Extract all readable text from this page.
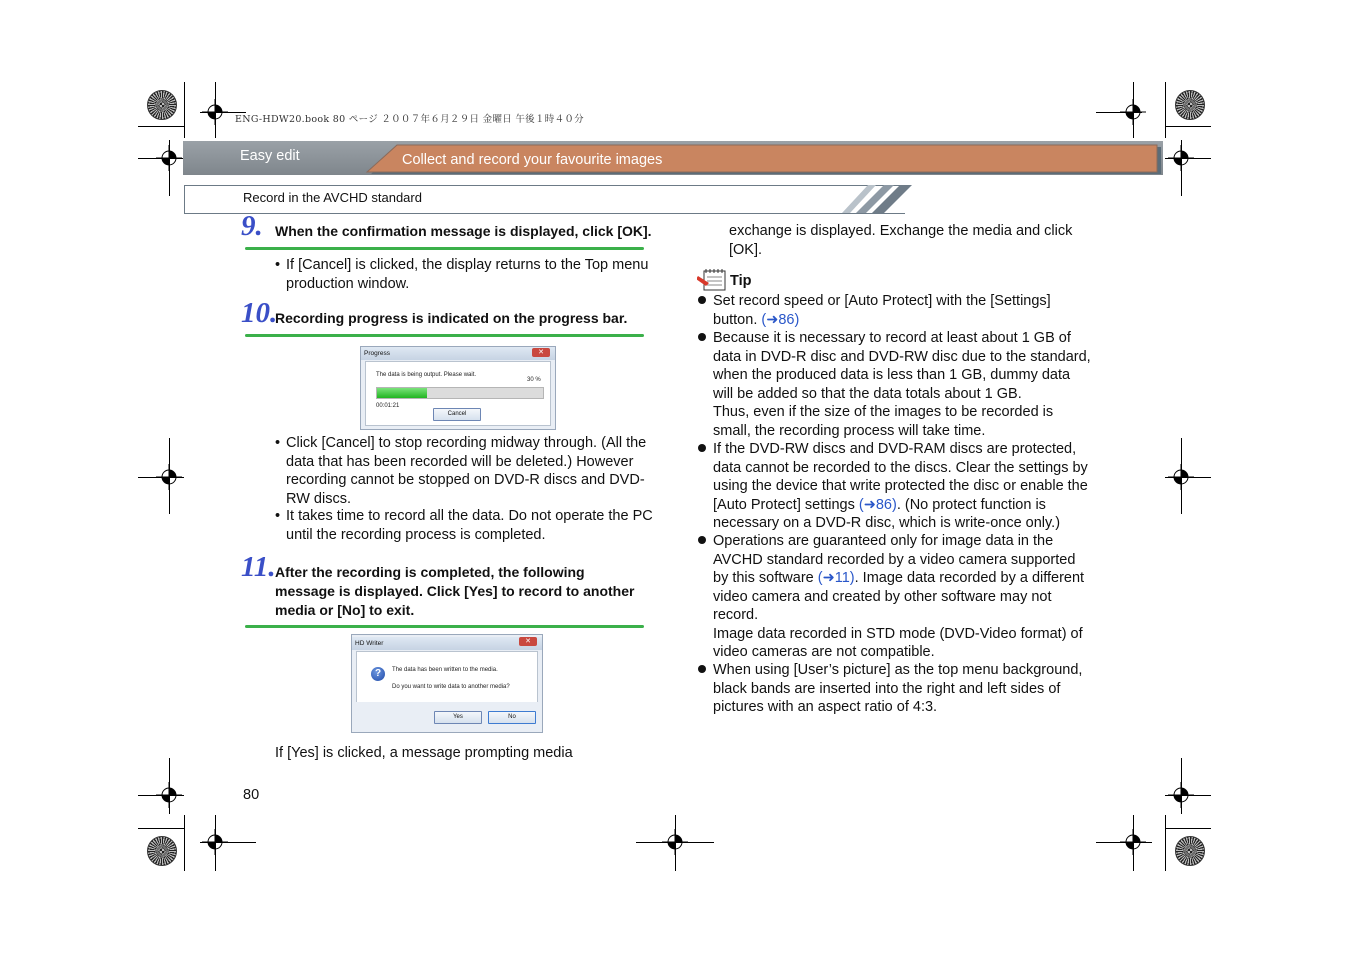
ENG-HDW20.book 80 ページ ２００７年６月２９日 金曜日 午後１時４０分
Easy edit	Collect and record your favourite images
Record in the AVCHD standard
9. When the confirmation message is displayed, click [OK].
• If [Cancel] is clicked, the display returns to the Top menu production window.
10.
Recording progress is indicated on the progress bar.
Progress	✕
The data is being output. Please wait.
30 %
00:01:21
Cancel
• Click [Cancel] to stop recording midway through. (All the data that has been recorded will be deleted.) However recording cannot be stopped on DVD-R discs and DVD-RW discs.
• It takes time to record all the data. Do not operate the PC until the recording process is completed.
11. After the recording is completed, the following message is displayed. Click [Yes] to record to another media or [No] to exit.
HD Writer	✕
?	The data has been written to the media.
Do you want to write data to another media?
Yes	No
If [Yes] is clicked, a message prompting media
80
exchange is displayed. Exchange the media and click [OK].
Tip
Set record speed or [Auto Protect] with the [Settings]
button. (➜86)
Because it is necessary to record at least about 1 GB of
data in DVD-R disc and DVD-RW disc due to the standard,
when the produced data is less than 1 GB, dummy data
will be added so that the data totals about 1 GB.
Thus, even if the size of the images to be recorded is
small, the recording process will take time.
If the DVD-RW discs and DVD-RAM discs are protected,
data cannot be recorded to the discs. Clear the settings by
using the device that write protected the disc or enable the
[Auto Protect] settings (➜86). (No protect function is
necessary on a DVD-R disc, which is write-once only.)
Operations are guaranteed only for image data in the
AVCHD standard recorded by a video camera supported
by this software (➜11). Image data recorded by a different
video camera and created by other software may not
record.
Image data recorded in STD mode (DVD-Video format) of
video cameras are not compatible.
When using [User’s picture] as the top menu background,
black bands are inserted into the right and left sides of
pictures with an aspect ratio of 4:3.
